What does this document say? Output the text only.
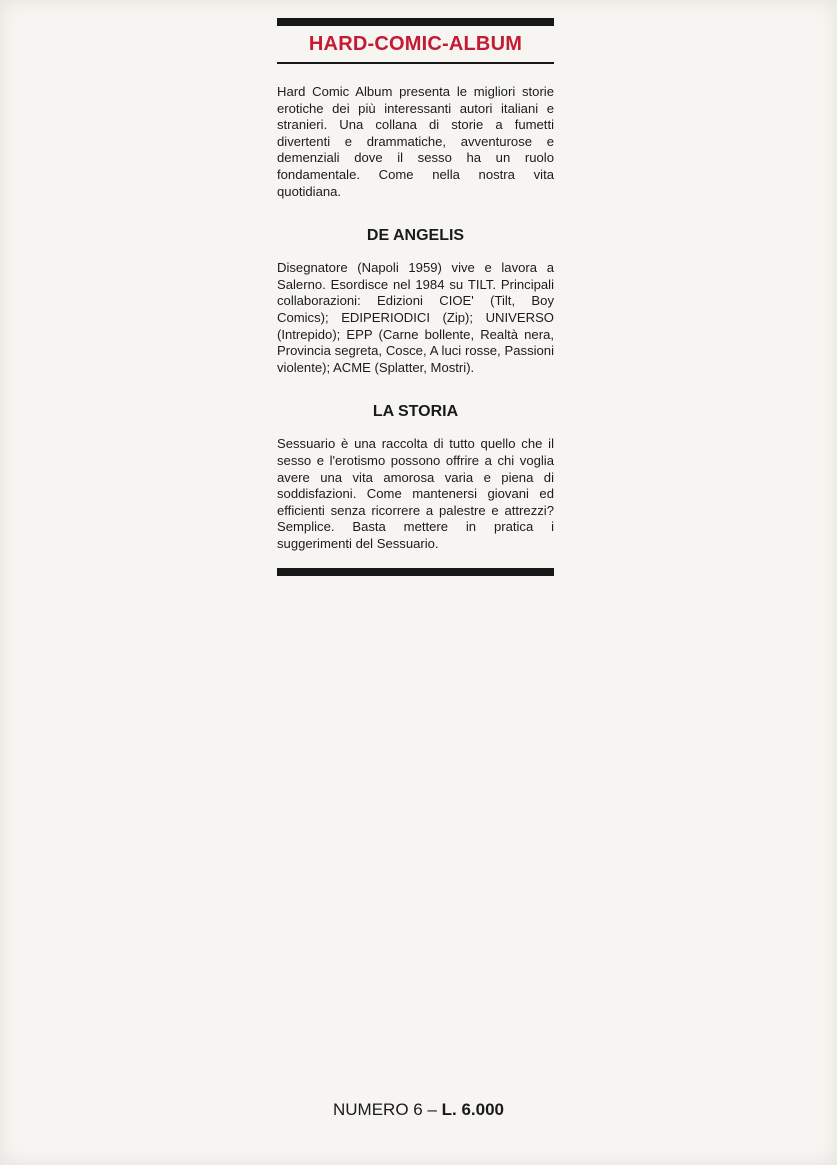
HARD-COMIC-ALBUM

Hard Comic Album presenta le migliori storie erotiche dei più interessanti autori italiani e stranieri. Una collana di storie a fumetti divertenti e drammatiche, avventurose e demenziali dove il sesso ha un ruolo fondamentale. Come nella nostra vita quotidiana.

DE ANGELIS

Disegnatore (Napoli 1959) vive e lavora a Salerno. Esordisce nel 1984 su TILT. Principali collaborazioni: Edizioni CIOE' (Tilt, Boy Comics); EDIPERIODICI (Zip); UNIVERSO (Intrepido); EPP (Carne bollente, Realtà nera, Provincia segreta, Cosce, A luci rosse, Passioni violente); ACME (Splatter, Mostri).

LA STORIA

Sessuario è una raccolta di tutto quello che il sesso e l'erotismo possono offrire a chi voglia avere una vita amorosa varia e piena di soddisfazioni. Come mantenersi giovani ed efficienti senza ricorrere a palestre e attrezzi? Semplice. Basta mettere in pratica i suggerimenti del Sessuario.

NUMERO 6 – L. 6.000
